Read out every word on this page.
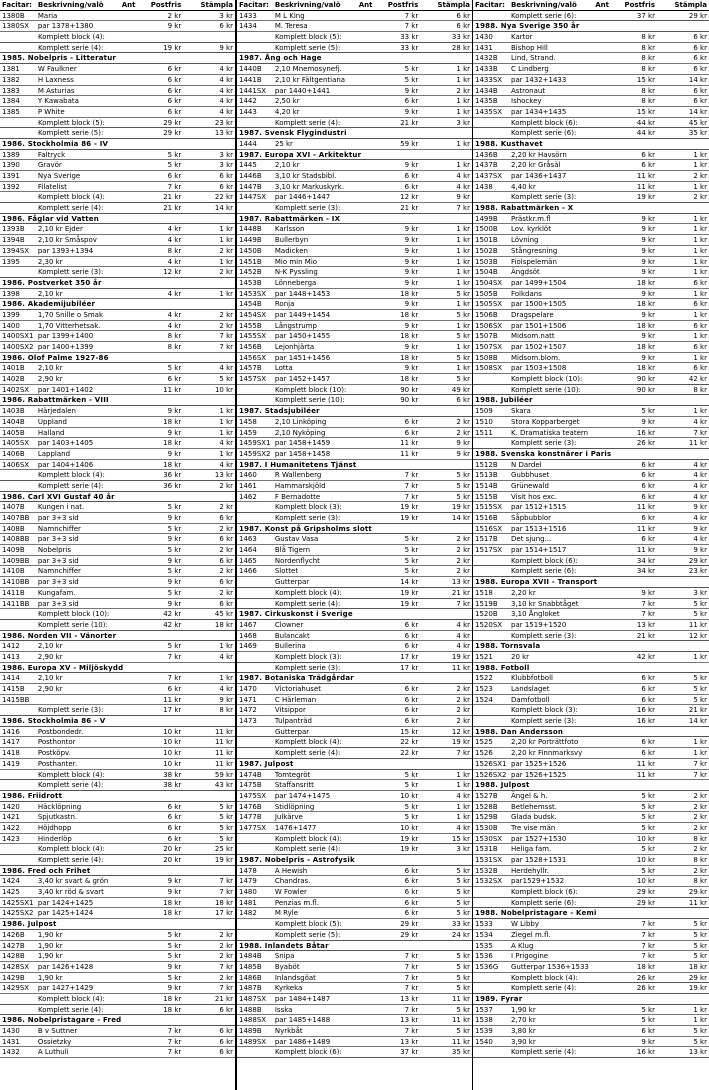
Facitar: Beskrivning/valö	Ant	Postfris	Stämpla
1380B	Maria	2 kr	3 kr
1380SX	par 1378+1380	9 kr	6 kr
Komplett block (4):
Komplett serie (4):	19 kr	9 kr
1985. Nobelpris - Litteratur
1381	W Faulkner	6 kr	4 kr
1382	H Laxness	6 kr	4 kr
1383	M Asturias	6 kr	4 kr
1384	Y Kawabata	6 kr	4 kr
1385	P White	6 kr	4 kr
Komplett block (5):	29 kr	23 kr
Komplett serie (5):	29 kr	13 kr
1986. Stockholmia 86 - IV
1389	Faltryck	5 kr	3 kr
1390	Gravör	5 kr	3 kr
1391	Nya Sverige	6 kr	6 kr
1392	Filatelist	7 kr	6 kr
Komplett block (4):	21 kr	22 kr
Komplett serie (4):	21 kr	14 kr
1986. Fåglar vid Vatten
1393B	2,10 kr Ejder	4 kr	1 kr
1394B	2,10 kr Småspov	4 kr	1 kr
1394SX	par 1393+1394	8 kr	2 kr
1395	2,30 kr	4 kr	1 kr
Komplett serie (3):	12 kr	2 kr
1986. Postverket 350 år
1398	2,10 kr	4 kr	1 kr
1986. Akademijubiléer
1399	1,70 Snille o Smak	4 kr	2 kr
1400	1,70 Vitterhetsak.	4 kr	2 kr
1400SX1 par 1399+1400	8 kr	7 kr
1400SX2 par 1400+1399	8 kr	7 kr
1986. Olof Palme 1927-86
1401B	2,10 kr	5 kr	4 kr
1402B	2,90 kr	6 kr	5 kr
1402SX	par 1401+1402	11 kr	10 kr
1986. Rabattmärken - VIII
1403B	Härjedalen	9 kr	1 kr
1404B	Uppland	18 kr	1 kr
1405B	Halland	9 kr	1 kr
1405SX	par 1403+1405	18 kr	4 kr
1406B	Lappland	9 kr	1 kr
1406SX	par 1404+1406	18 kr	4 kr
Komplett block (4):	36 kr	13 kr
Komplett serie (4):	36 kr	2 kr
1986. Carl XVI Gustaf 40 år
1407B	Kungen i nat.	5 kr	2 kr
1407BB	par 3+3 sid	9 kr	6 kr
1408B	Namnchiffer	5 kr	2 kr
1408BB	par 3+3 sid	9 kr	6 kr
1409B	Nobelpris	5 kr	2 kr
1409BB	par 3+3 sid	9 kr	6 kr
1410B	Namnchiffer	5 kr	2 kr
1410BB	par 3+3 sid	9 kr	6 kr
1411B	Kungafam.	5 kr	2 kr
1411BB	par 3+3 sid	9 kr	6 kr
Komplett block (10):	42 kr	45 kr
Komplett serie (10):	42 kr	18 kr
1986. Norden VII - Vänorter
1412	2,10 kr	5 kr	1 kr
1413	2,90 kr	7 kr	4 kr
1986. Europa XV - Miljöskydd
1414	2,10 kr	7 kr	1 kr
1415B	2,90 kr	6 kr	4 kr
1415BB	11 kr	9 kr
Komplett serie (3):	17 kr	8 kr
1986. Stockholmia 86 - V
1416	Postbondedr.	10 kr	11 kr
1417	Posthontor	10 kr	11 kr
1418	Postköpv.	10 kr	11 kr
1419	Posthanter.	10 kr	11 kr
Komplett block (4):	38 kr	59 kr
Komplett serie (4):	38 kr	43 kr
1986. Friidrott
1420	Häcklöpning	6 kr	5 kr
1421	Spjutkastn.	6 kr	5 kr
1422	Höjdhopp	6 kr	5 kr
1423	Hinderlöp	6 kr	5 kr
Komplett block (4):	20 kr	25 kr
Komplett serie (4):	20 kr	19 kr
1986. Fred och Frihet
1424	3,40 kr svart & grön	9 kr	7 kr
1425	3,40 kr röd & svart	9 kr	7 kr
1425SX1 par 1424+1425	18 kr	18 kr
1425SX2 par 1425+1424	18 kr	17 kr
1986. Julpost
1426B	1,90 kr	5 kr	2 kr
1427B	1,90 kr	5 kr	2 kr
1428B	1,90 kr	5 kr	2 kr
1428SX	par 1426+1428	9 kr	7 kr
1429B	1,90 kr	5 kr	2 kr
1429SX	par 1427+1429	9 kr	7 kr
Komplett block (4):	18 kr	21 kr
Komplett serie (4):	18 kr	6 kr
1986. Nobelpristagare - Fred
1430	B v Suttner	7 kr	6 kr
1431	Ossietzky	7 kr	6 kr
1432	A Luthuli	7 kr	6 kr
Facitar: Beskrivning/valö	Ant	Postfris	Stämpla
1433	M L King	7 kr	6 kr
1434	M. Teresa	7 kr	6 kr
Komplett block (5):	33 kr	33 kr
Komplett serie (5):	33 kr	28 kr
1987. Ång och Hage
1440B	2,10 Mnemosynefj.	5 kr	1 kr
1441B	2,10 kr Fältgentiana	5 kr	1 kr
1441SX	par 1440+1441	9 kr	2 kr
1442	2,50 kr	6 kr	1 kr
1443	4,20 kr	9 kr	1 kr
Komplett serie (4):	21 kr	3 kr
1987. Svensk Flygindustri
1444	25 kr	59 kr	1 kr
1987. Europa XVI - Arkitektur
1445	2,10 kr	9 kr	1 kr
1446B	3,10 kr Stadsbibl.	6 kr	4 kr
1447B	3,10 kr Markuskyrk.	6 kr	4 kr
1447SX	par 1446+1447	12 kr	9 kr
Komplett serie (3):	21 kr	7 kr
1987. Rabattmärken - IX
1448B	Karlsson	9 kr	1 kr
1449B	Bullerbyn	9 kr	1 kr
1450B	Madicken	9 kr	1 kr
1451B	Mio min Mio	9 kr	1 kr
1452B	N-K Pyssling	9 kr	1 kr
1453B	Lönneberga	9 kr	1 kr
1453SX	par 1448+1453	18 kr	5 kr
1454B	Ronja	9 kr	1 kr
1454SX	par 1449+1454	18 kr	5 kr
1455B	Långstrump	9 kr	1 kr
1455SX	par 1450+1455	18 kr	5 kr
1456B	Lejonhjärta	9 kr	1 kr
1456SX	par 1451+1456	18 kr	5 kr
1457B	Lotta	9 kr	1 kr
1457SX	par 1452+1457	18 kr	5 kr
Komplett block (10):	90 kr	49 kr
Komplett serie (10):	90 kr	6 kr
1987. Stadsjubiléer
1458	2,10 Linköping	6 kr	2 kr
1459	2,10 Nyköping	6 kr	2 kr
1459SX1 par 1458+1459	11 kr	9 kr
1459SX2 par 1458+1458	11 kr	9 kr
1987. I Humanitetens Tjänst
1460	R Wallenberg	7 kr	5 kr
1461	Hammarskjöld	7 kr	5 kr
1462	F Bernadotte	7 kr	5 kr
Komplett block (3):	19 kr	19 kr
Komplett serie (3):	19 kr	14 kr
1987. Konst på Gripsholms slott
1463	Gustav Vasa	5 kr	2 kr
1464	Blå Tigern	5 kr	2 kr
1465	Nordenflycht	5 kr	2 kr
1466	Slottet	5 kr	2 kr
Gutterpar	14 kr	13 kr
Komplett block (4):	19 kr	21 kr
Komplett serie (4):	19 kr	7 kr
1987. Cirkuskonst i Sverige
1467	Clowner	6 kr	4 kr
1468	Bulancakt	6 kr	4 kr
1469	Bullerina	6 kr	4 kr
Komplett block (3):	17 kr	19 kr
Komplett serie (3):	17 kr	11 kr
1987. Botaniska Trädgårdar
1470	Victoriahuset	6 kr	2 kr
1471	C Härleman	6 kr	2 kr
1472	Vitsippor	6 kr	2 kr
1473	Tulpanträd	6 kr	2 kr
Gutterpar	15 kr	12 kr
Komplett block (4):	22 kr	19 kr
Komplett serie (4):	22 kr	7 kr
1987. Julpost
1474B	Tomtegröt	5 kr	1 kr
1475B	Staffansritt	5 kr	1 kr
1475SX	par 1474+1475	10 kr	4 kr
1476B	Stidlöpning	5 kr	1 kr
1477B	Julkärve	5 kr	1 kr
1477SX	1476+1477	10 kr	4 kr
Komplett block (4):	19 kr	15 kr
Komplett serie (4):	19 kr	3 kr
1987. Nobelpris - Astrofysik
1478	A Hewish	6 kr	5 kr
1479	Chandras.	6 kr	5 kr
1480	W Fowler	6 kr	5 kr
1481	Penzias m.fl.	6 kr	5 kr
1482	M Ryle	6 kr	5 kr
Komplett block (5):	29 kr	33 kr
Komplett serie (5):	29 kr	24 kr
1988. Inlandets Båtar
1484B	Snipa	7 kr	5 kr
1485B	Byaböt	7 kr	5 kr
1486B	Inlandsgöat	7 kr	5 kr
1487B	Kyrkeka	7 kr	5 kr
1487SX	par 1484+1487	13 kr	11 kr
1488B	Isska	7 kr	5 kr
1488SX	par 1485+1488	13 kr	11 kr
1489B	Nyrkbåt	7 kr	5 kr
1489SX	par 1486+1489	13 kr	11 kr
Komplett block (6):	37 kr	35 kr
Facitar: Beskrivning/valö	Ant	Postfris	Stämpla
Komplett serie (6):	37 kr	29 kr
1988. Nya Sverige 350 år
1430	Kartor	8 kr	6 kr
1431	Bishop Hill	8 kr	6 kr
1432B	Lind, Strand.	8 kr	6 kr
1433B	C Lindberg	8 kr	6 kr
1433SX	par 1432+1433	15 kr	14 kr
1434B	Astronaut	8 kr	6 kr
1435B	Ishockey	8 kr	6 kr
1435SX	par 1434+1435	15 kr	14 kr
Komplett block (6):	44 kr	45 kr
Komplett serie (6):	44 kr	35 kr
1988. Kusthavet
1436B	2,20 kr Havsörn	6 kr	1 kr
1437B	2,20 kr Gråsäl	6 kr	1 kr
1437SX	par 1436+1437	11 kr	2 kr
1438	4,40 kr	11 kr	1 kr
Komplett serie (3):	19 kr	2 kr
1988. Rabattmärken - X
1499B	Prästkr.m.fl	9 kr	1 kr
1500B	Lov. kyrklöt	9 kr	1 kr
1501B	Lövning	9 kr	1 kr
1502B	Stångresning	9 kr	1 kr
1503B	Fiolspelemän	9 kr	1 kr
1504B	Ängdsöt	9 kr	1 kr
1504SX	par 1499+1504	18 kr	6 kr
1505B	Folkdans	9 kr	1 kr
1505SX	par 1500+1505	18 kr	6 kr
1506B	Dragspelare	9 kr	1 kr
1506SX	par 1501+1506	18 kr	6 kr
1507B	Midsom.natt	9 kr	1 kr
1507SX	par 1502+1507	18 kr	6 kr
1508B	Midsom.blom.	9 kr	1 kr
1508SX	par 1503+1508	18 kr	6 kr
Komplett block (10):	90 kr	42 kr
Komplett serie (10):	90 kr	8 kr
1988. Jubiléer
1509	Skara	5 kr	1 kr
1510	Stora Kopparberget	9 kr	4 kr
1511	K. Dramatiska teatern	16 kr	7 kr
Komplett serie (3):	26 kr	11 kr
1988. Svenska konstnärer i Paris
1512B	N Dardel	6 kr	4 kr
1513B	Gubbhuset	6 kr	4 kr
1514B	Grünewald	6 kr	4 kr
1515B	Visit hos exc.	6 kr	4 kr
1515SX	par 1512+1515	11 kr	9 kr
1516B	Såpbubblor	6 kr	4 kr
1516SX	par 1513+1516	11 kr	9 kr
1517B	Det sjung...	6 kr	4 kr
1517SX	par 1514+1517	11 kr	9 kr
Komplett block (6):	34 kr	29 kr
Komplett serie (6):	34 kr	23 kr
1988. Europa XVII - Transport
1518	2,20 kr	9 kr	3 kr
1519B	3,10 kr Snabbtåget	7 kr	5 kr
1520B	3,10 Ångloket	7 kr	5 kr
1520SX	par 1519+1520	13 kr	11 kr
Komplett serie (3):	21 kr	12 kr
1988. Tornsvala
1521	20 kr	42 kr	1 kr
1988. Fotboll
1522	Klubbfotboll	6 kr	5 kr
1523	Landslaget	6 kr	5 kr
1524	Damfotboll	6 kr	5 kr
Komplett block (3):	16 kr	21 kr
Komplett serie (3):	16 kr	14 kr
1988. Dan Andersson
1525	2,20 kr Porträttfoto	6 kr	1 kr
1526	2,20 kr Finnmarksvy	6 kr	1 kr
1526SX1 par 1525+1526	11 kr	7 kr
1526SX2 par 1526+1525	11 kr	7 kr
1988. Julpost
1527B	Ängel & h.	5 kr	2 kr
1528B	Betlehemsst.	5 kr	2 kr
1529B	Glada budsk.	5 kr	2 kr
1530B	Tre vise män	5 kr	2 kr
1530SX	par 1527+1530	10 kr	8 kr
1531B	Heliga fam.	5 kr	2 kr
1531SX	par 1528+1531	10 kr	8 kr
1532B	Herdehyllr.	5 kr	2 kr
1532SX	par1529+1532	10 kr	8 kr
Komplett block (6):	29 kr	29 kr
Komplett serie (6):	29 kr	11 kr
1988. Nobelpristagare - Kemi
1533	W Libby	7 kr	5 kr
1534	Ziegel m.fl.	7 kr	5 kr
1535	A Klug	7 kr	5 kr
1536	I Prigogine	7 kr	5 kr
1536G	Gutterpar 1536+1533	18 kr	18 kr
Komplett block (4):	26 kr	29 kr
Komplett serie (4):	26 kr	19 kr
1989. Fyrar
1537	1,90 kr	5 kr	1 kr
1538	2,70 kr	5 kr	1 kr
1539	3,80 kr	6 kr	5 kr
1540	3,90 kr	9 kr	5 kr
Komplett serie (4):	16 kr	13 kr
